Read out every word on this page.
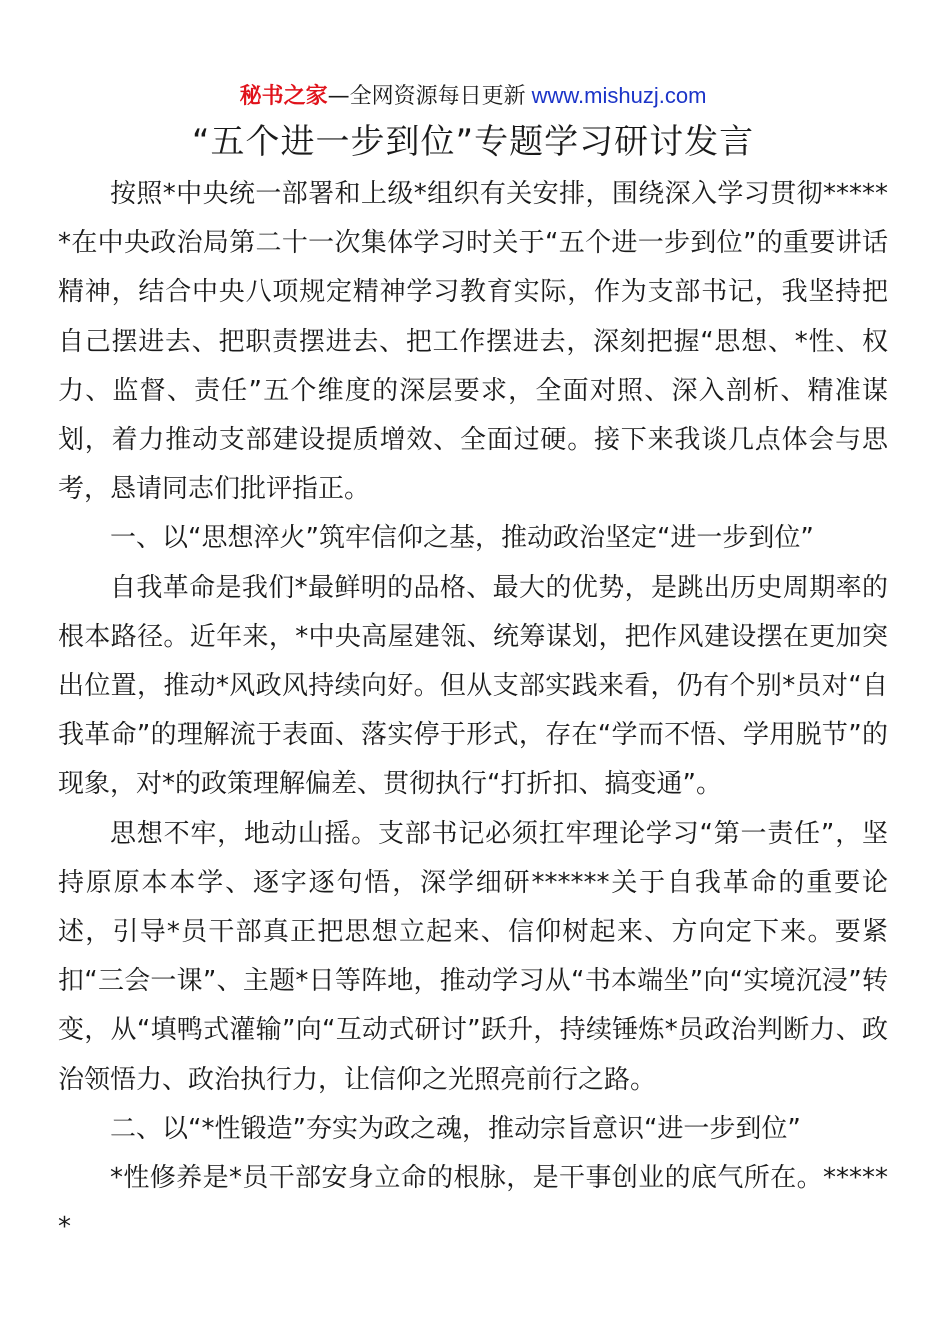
秘书之家—全网资源每日更新 www.mishuzj.com
“五个进一步到位”专题学习研讨发言

按照*中央统一部署和上级*组织有关安排，围绕深入学习贯彻******在中央政治局第二十一次集体学习时关于“五个进一步到位”的重要讲话精神，结合中央八项规定精神学习教育实际，作为支部书记，我坚持把自己摆进去、把职责摆进去、把工作摆进去，深刻把握“思想、*性、权力、监督、责任”五个维度的深层要求，全面对照、深入剖析、精准谋划，着力推动支部建设提质增效、全面过硬。接下来我谈几点体会与思考，恳请同志们批评指正。

一、以“思想淬火”筑牢信仰之基，推动政治坚定“进一步到位”

自我革命是我们*最鲜明的品格、最大的优势，是跳出历史周期率的根本路径。近年来，*中央高屋建瓴、统筹谋划，把作风建设摆在更加突出位置，推动*风政风持续向好。但从支部实践来看，仍有个别*员对“自我革命”的理解流于表面、落实停于形式，存在“学而不悟、学用脱节”的现象，对*的政策理解偏差、贯彻执行“打折扣、搞变通”。

思想不牢，地动山摇。支部书记必须扛牢理论学习“第一责任”，坚持原原本本学、逐字逐句悟，深学细研******关于自我革命的重要论述，引导*员干部真正把思想立起来、信仰树起来、方向定下来。要紧扣“三会一课”、主题*日等阵地，推动学习从“书本端坐”向“实境沉浸”转变，从“填鸭式灌输”向“互动式研讨”跃升，持续锤炼*员政治判断力、政治领悟力、政治执行力，让信仰之光照亮前行之路。

二、以“*性锻造”夯实为政之魂，推动宗旨意识“进一步到位”

*性修养是*员干部安身立命的根脉，是干事创业的底气所在。******
